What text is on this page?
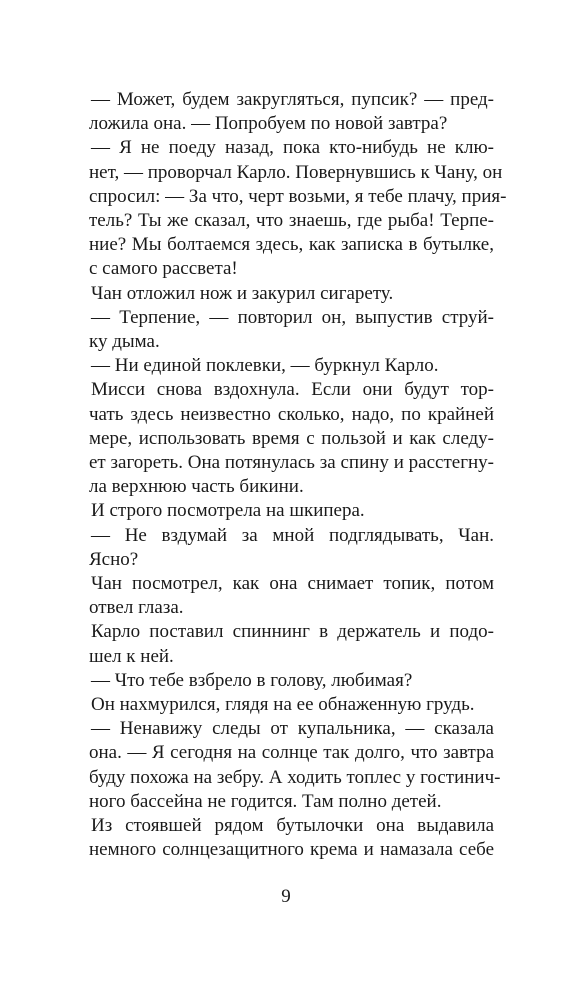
— Может, будем закругляться, пупсик? — пред-
ложила она. — Попробуем по новой завтра?
— Я не поеду назад, пока кто-нибудь не клю-
нет, — проворчал Карло. Повернувшись к Чану, он
спросил: — За что, черт возьми, я тебе плачу, прия-
тель? Ты же сказал, что знаешь, где рыба! Терпе-
ние? Мы болтаемся здесь, как записка в бутылке,
с самого рассвета!
Чан отложил нож и закурил сигарету.
— Терпение, — повторил он, выпустив струй-
ку дыма.
— Ни единой поклевки, — буркнул Карло.
Мисси снова вздохнула. Если они будут тор-
чать здесь неизвестно сколько, надо, по крайней
мере, использовать время с пользой и как следу-
ет загореть. Она потянулась за спину и расстегну-
ла верхнюю часть бикини.
И строго посмотрела на шкипера.
— Не вздумай за мной подглядывать, Чан.
Ясно?
Чан посмотрел, как она снимает топик, потом
отвел глаза.
Карло поставил спиннинг в держатель и подо-
шел к ней.
— Что тебе взбрело в голову, любимая?
Он нахмурился, глядя на ее обнаженную грудь.
— Ненавижу следы от купальника, — сказала
она. — Я сегодня на солнце так долго, что завтра
буду похожа на зебру. А ходить топлес у гостинич-
ного бассейна не годится. Там полно детей.
Из стоявшей рядом бутылочки она выдавила
немного солнцезащитного крема и намазала себе
9
